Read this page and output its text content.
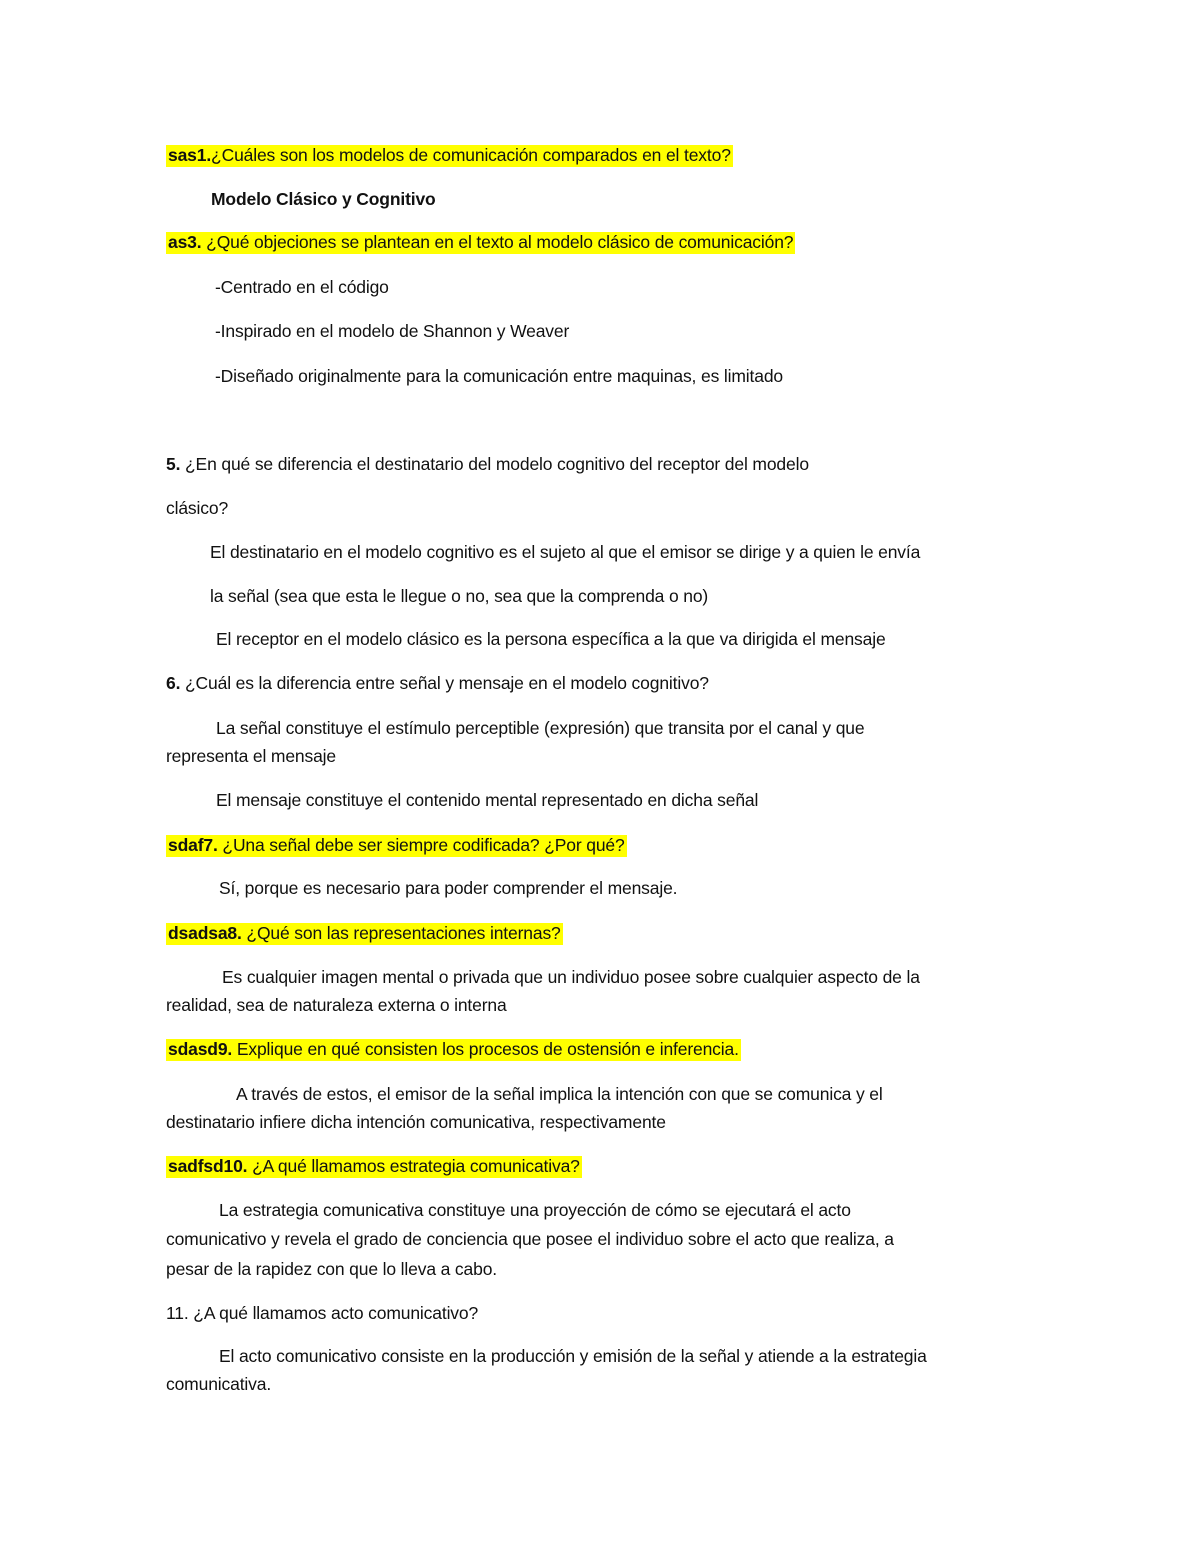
sas1.¿Cuáles son los modelos de comunicación comparados en el texto?
Modelo Clásico y Cognitivo
as3. ¿Qué objeciones se plantean en el texto al modelo clásico de comunicación?
-Centrado en el código
-Inspirado en el modelo de Shannon y Weaver
-Diseñado originalmente para la comunicación entre maquinas, es limitado
5. ¿En qué se diferencia el destinatario del modelo cognitivo del receptor del modelo
clásico?
El destinatario en el modelo cognitivo es el sujeto al que el emisor se dirige y a quien le envía
la señal (sea que esta le llegue o no, sea que la comprenda o no)
El receptor en el modelo clásico es la persona específica a la que va dirigida el mensaje
6. ¿Cuál es la diferencia entre señal y mensaje en el modelo cognitivo?
La señal constituye el estímulo perceptible (expresión) que transita por el canal y que
representa el mensaje
El mensaje constituye el contenido mental representado en dicha señal
sdaf7. ¿Una señal debe ser siempre codificada? ¿Por qué?
Sí, porque es necesario para poder comprender el mensaje.
dsadsa8. ¿Qué son las representaciones internas?
Es cualquier imagen mental o privada que un individuo posee sobre cualquier aspecto de la
realidad, sea de naturaleza externa o interna
sdasd9. Explique en qué consisten los procesos de ostensión e inferencia.
A través de estos, el emisor de la señal implica la intención con que se comunica y el
destinatario infiere dicha intención comunicativa, respectivamente
sadfsd10. ¿A qué llamamos estrategia comunicativa?
La estrategia comunicativa constituye una proyección de cómo se ejecutará el acto
comunicativo y revela el grado de conciencia que posee el individuo sobre el acto que realiza, a
pesar de la rapidez con que lo lleva a cabo.
11. ¿A qué llamamos acto comunicativo?
El acto comunicativo consiste en la producción y emisión de la señal y atiende a la estrategia
comunicativa.
